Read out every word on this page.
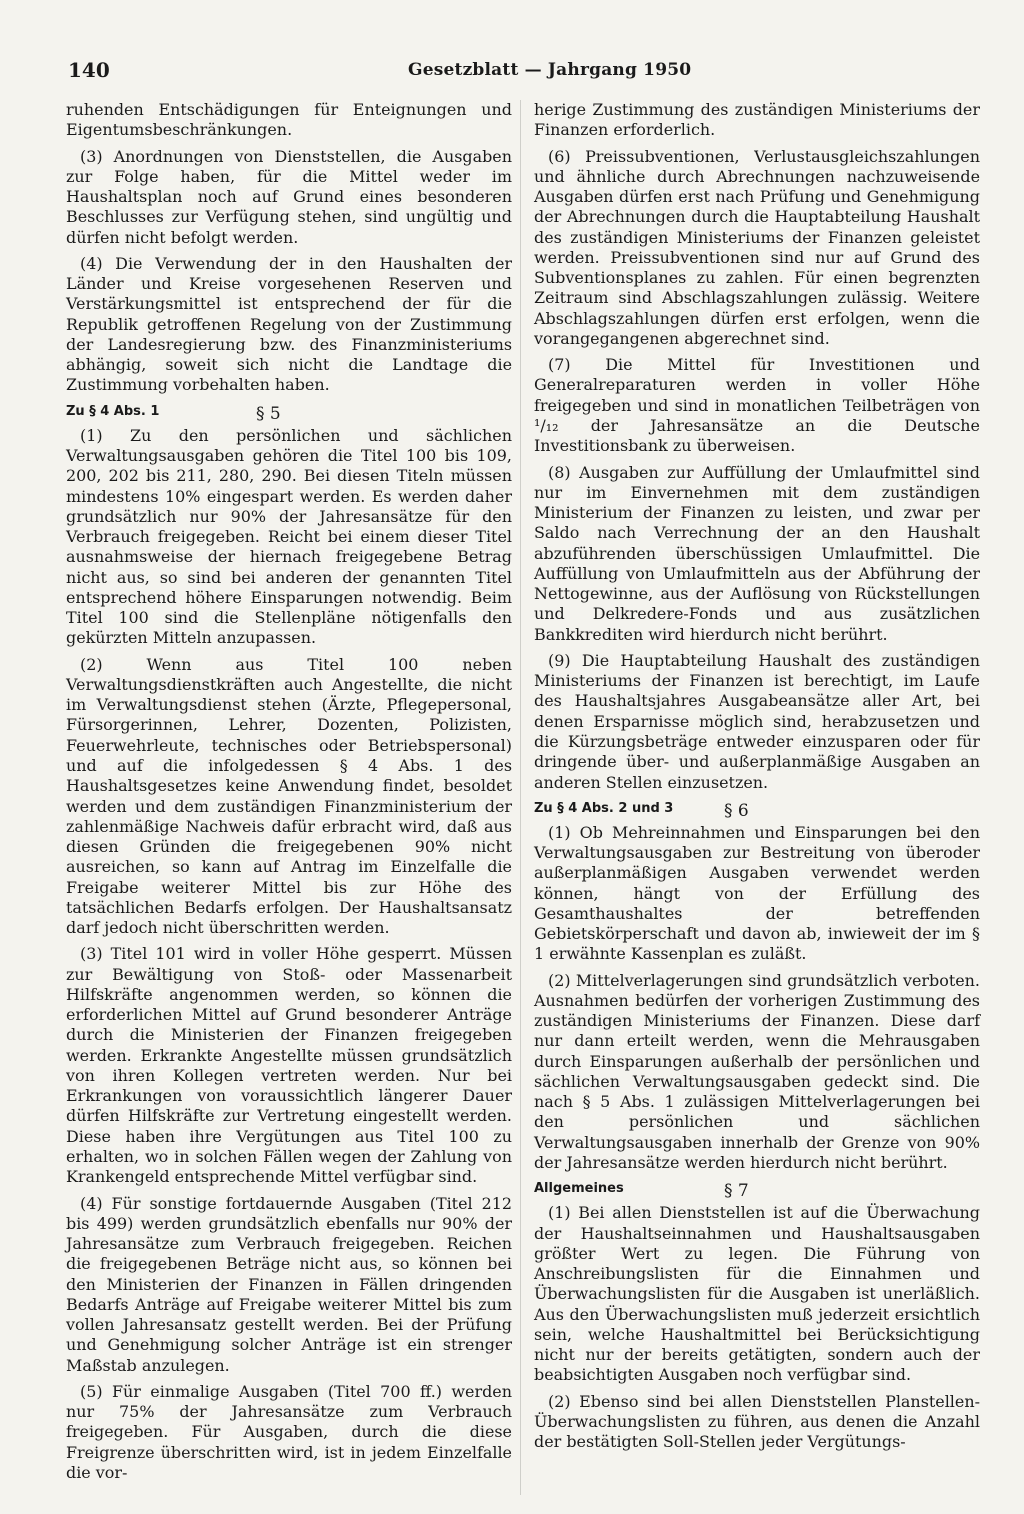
140	Gesetzblatt — Jahrgang 1950

ruhenden Entschädigungen für Enteignungen und Eigentumsbeschränkungen.

(3) Anordnungen von Dienststellen, die Ausgaben zur Folge haben, für die Mittel weder im Haushaltsplan noch auf Grund eines besonderen Beschlusses zur Verfügung stehen, sind ungültig und dürfen nicht befolgt werden.

(4) Die Verwendung der in den Haushalten der Länder und Kreise vorgesehenen Reserven und Verstärkungsmittel ist entsprechend der für die Republik getroffenen Regelung von der Zustimmung der Landesregierung bzw. des Finanzministeriums abhängig, soweit sich nicht die Landtage die Zustimmung vorbehalten haben.

Zu § 4 Abs. 1	§ 5

(1) Zu den persönlichen und sächlichen Verwaltungsausgaben gehören die Titel 100 bis 109, 200, 202 bis 211, 280, 290. Bei diesen Titeln müssen mindestens 10% eingespart werden. Es werden daher grundsätzlich nur 90% der Jahresansätze für den Verbrauch freigegeben. Reicht bei einem dieser Titel ausnahmsweise der hiernach freigegebene Betrag nicht aus, so sind bei anderen der genannten Titel entsprechend höhere Einsparungen notwendig. Beim Titel 100 sind die Stellenpläne nötigenfalls den gekürzten Mitteln anzupassen.

(2) Wenn aus Titel 100 neben Verwaltungsdienstkräften auch Angestellte, die nicht im Verwaltungsdienst stehen (Ärzte, Pflegepersonal, Fürsorgerinnen, Lehrer, Dozenten, Polizisten, Feuerwehrleute, technisches oder Betriebspersonal) und auf die infolgedessen § 4 Abs. 1 des Haushaltsgesetzes keine Anwendung findet, besoldet werden und dem zuständigen Finanzministerium der zahlenmäßige Nachweis dafür erbracht wird, daß aus diesen Gründen die freigegebenen 90% nicht ausreichen, so kann auf Antrag im Einzelfalle die Freigabe weiterer Mittel bis zur Höhe des tatsächlichen Bedarfs erfolgen. Der Haushaltsansatz darf jedoch nicht überschritten werden.

(3) Titel 101 wird in voller Höhe gesperrt. Müssen zur Bewältigung von Stoß- oder Massenarbeit Hilfskräfte angenommen werden, so können die erforderlichen Mittel auf Grund besonderer Anträge durch die Ministerien der Finanzen freigegeben werden. Erkrankte Angestellte müssen grundsätzlich von ihren Kollegen vertreten werden. Nur bei Erkrankungen von voraussichtlich längerer Dauer dürfen Hilfskräfte zur Vertretung eingestellt werden. Diese haben ihre Vergütungen aus Titel 100 zu erhalten, wo in solchen Fällen wegen der Zahlung von Krankengeld entsprechende Mittel verfügbar sind.

(4) Für sonstige fortdauernde Ausgaben (Titel 212 bis 499) werden grundsätzlich ebenfalls nur 90% der Jahresansätze zum Verbrauch freigegeben. Reichen die freigegebenen Beträge nicht aus, so können bei den Ministerien der Finanzen in Fällen dringenden Bedarfs Anträge auf Freigabe weiterer Mittel bis zum vollen Jahresansatz gestellt werden. Bei der Prüfung und Genehmigung solcher Anträge ist ein strenger Maßstab anzulegen.

(5) Für einmalige Ausgaben (Titel 700 ff.) werden nur 75% der Jahresansätze zum Verbrauch freigegeben. Für Ausgaben, durch die diese Freigrenze überschritten wird, ist in jedem Einzelfalle die vor-

herige Zustimmung des zuständigen Ministeriums der Finanzen erforderlich.

(6) Preissubventionen, Verlustausgleichszahlungen und ähnliche durch Abrechnungen nachzuweisende Ausgaben dürfen erst nach Prüfung und Genehmigung der Abrechnungen durch die Hauptabteilung Haushalt des zuständigen Ministeriums der Finanzen geleistet werden. Preissubventionen sind nur auf Grund des Subventionsplanes zu zahlen. Für einen begrenzten Zeitraum sind Abschlagszahlungen zulässig. Weitere Abschlagszahlungen dürfen erst erfolgen, wenn die vorangegangenen abgerechnet sind.

(7) Die Mittel für Investitionen und Generalreparaturen werden in voller Höhe freigegeben und sind in monatlichen Teilbeträgen von ¹/₁₂ der Jahresansätze an die Deutsche Investitionsbank zu überweisen.

(8) Ausgaben zur Auffüllung der Umlaufmittel sind nur im Einvernehmen mit dem zuständigen Ministerium der Finanzen zu leisten, und zwar per Saldo nach Verrechnung der an den Haushalt abzuführenden überschüssigen Umlaufmittel. Die Auffüllung von Umlaufmitteln aus der Abführung der Nettogewinne, aus der Auflösung von Rückstellungen und Delkredere-Fonds und aus zusätzlichen Bankkrediten wird hierdurch nicht berührt.

(9) Die Hauptabteilung Haushalt des zuständigen Ministeriums der Finanzen ist berechtigt, im Laufe des Haushaltsjahres Ausgabeansätze aller Art, bei denen Ersparnisse möglich sind, herabzusetzen und die Kürzungsbeträge entweder einzusparen oder für dringende über- und außerplanmäßige Ausgaben an anderen Stellen einzusetzen.

Zu § 4 Abs. 2 und 3	§ 6

(1) Ob Mehreinnahmen und Einsparungen bei den Verwaltungsausgaben zur Bestreitung von überoder außerplanmäßigen Ausgaben verwendet werden können, hängt von der Erfüllung des Gesamthaushaltes der betreffenden Gebietskörperschaft und davon ab, inwieweit der im § 1 erwähnte Kassenplan es zuläßt.

(2) Mittelverlagerungen sind grundsätzlich verboten. Ausnahmen bedürfen der vorherigen Zustimmung des zuständigen Ministeriums der Finanzen. Diese darf nur dann erteilt werden, wenn die Mehrausgaben durch Einsparungen außerhalb der persönlichen und sächlichen Verwaltungsausgaben gedeckt sind. Die nach § 5 Abs. 1 zulässigen Mittelverlagerungen bei den persönlichen und sächlichen Verwaltungsausgaben innerhalb der Grenze von 90% der Jahresansätze werden hierdurch nicht berührt.

Allgemeines	§ 7

(1) Bei allen Dienststellen ist auf die Überwachung der Haushaltseinnahmen und Haushaltsausgaben größter Wert zu legen. Die Führung von Anschreibungslisten für die Einnahmen und Überwachungslisten für die Ausgaben ist unerläßlich. Aus den Überwachungslisten muß jederzeit ersichtlich sein, welche Haushaltmittel bei Berücksichtigung nicht nur der bereits getätigten, sondern auch der beabsichtigten Ausgaben noch verfügbar sind.

(2) Ebenso sind bei allen Dienststellen Planstellen-Überwachungslisten zu führen, aus denen die Anzahl der bestätigten Soll-Stellen jeder Vergütungs-
